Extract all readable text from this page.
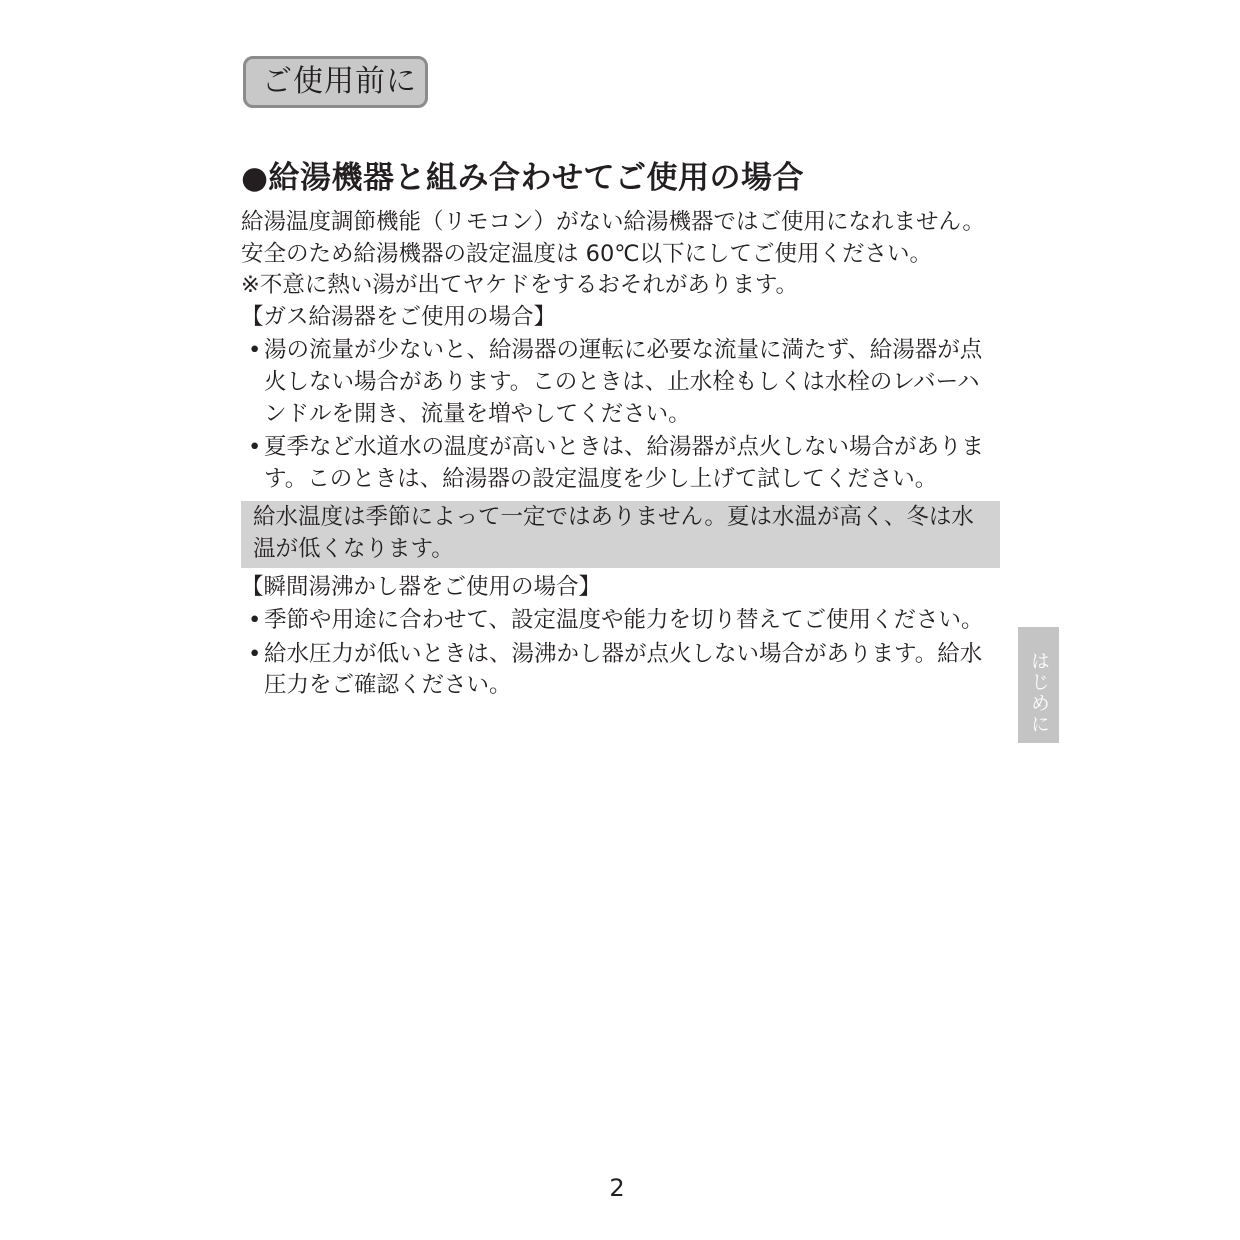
ご使用前に
●給湯機器と組み合わせてご使用の場合

給湯温度調節機能（リモコン）がない給湯機器ではご使用になれません。

安全のため給湯機器の設定温度は 60℃以下にしてご使用ください。

※不意に熱い湯が出てヤケドをするおそれがあります。

【ガス給湯器をご使用の場合】

• 湯の流量が少ないと、給湯器の運転に必要な流量に満たず、給湯器が点
火しない場合があります。このときは、止水栓もしくは水栓のレバーハ
ンドルを開き、流量を増やしてください。
• 夏季など水道水の温度が高いときは、給湯器が点火しない場合がありま
す。このときは、給湯器の設定温度を少し上げて試してください。
給水温度は季節によって一定ではありません。夏は水温が高く、冬は水
温が低くなります。

【瞬間湯沸かし器をご使用の場合】

• 季節や用途に合わせて、設定温度や能力を切り替えてご使用ください。
• 給水圧力が低いときは、湯沸かし器が点火しない場合があります。給水
圧力をご確認ください。	はじめに
2
